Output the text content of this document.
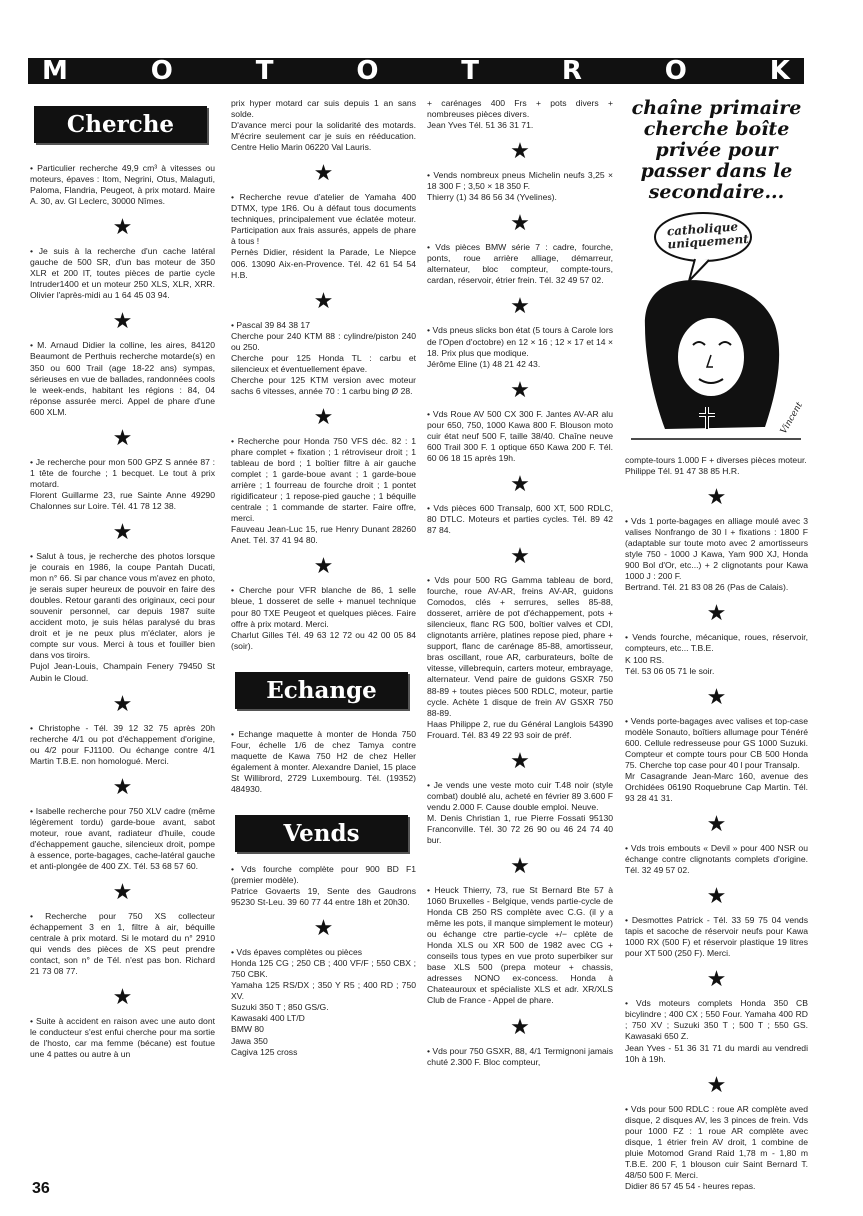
M	O	T	O	T	R	O	K
Cherche

• Particulier recherche 49,9 cm³ à vitesses ou moteurs, épaves : Itom, Negrini, Otus, Malaguti, Paloma, Flandria, Peugeot, à prix motard. Maire A. 30, av. Gl Leclerc, 30000 Nîmes.

★

• Je suis à la recherche d'un cache latéral gauche de 500 SR, d'un bas moteur de 350 XLR et 200 IT, toutes pièces de partie cycle Intruder1400 et un moteur 250 XLS, XLR, XRR. Olivier l'après-midi au 1 64 45 03 94.

★

• M. Arnaud Didier la colline, les aires, 84120 Beaumont de Perthuis recherche motarde(s) en 350 ou 600 Trail (age 18-22 ans) sympas, sérieuses en vue de ballades, randonnées cools le week-ends, habitant les régions : 84, 04 réponse assurée merci. Appel de phare d'une 600 XLM.

★

• Je recherche pour mon 500 GPZ S année 87 : 1 tête de fourche ; 1 becquet. Le tout à prix motard.
Florent Guillarme 23, rue Sainte Anne 49290 Chalonnes sur Loire. Tél. 41 78 12 38.

★

• Salut à tous, je recherche des photos lorsque je courais en 1986, la coupe Pantah Ducati, mon n° 66. Si par chance vous m'avez en photo, je serais super heureux de pouvoir en faire des doubles. Retour garanti des originaux, ceci pour souvenir personnel, car depuis 1987 suite accident moto, je suis hélas paralysé du bras droit et je ne peux plus m'éclater, alors je compte sur vous. Merci à tous et fouiller bien dans vos tiroirs.
Pujol Jean-Louis, Champain Fenery 79450 St Aubin le Cloud.

★

• Christophe - Tél. 39 12 32 75 après 20h recherche 4/1 ou pot d'échappement d'origine, ou 4/2 pour FJ1100. Ou échange contre 4/1 Martin T.B.E. non homologué. Merci.

★

• Isabelle recherche pour 750 XLV cadre (même légèrement tordu) garde-boue avant, sabot moteur, roue avant, radiateur d'huile, coude d'échappement gauche, silencieux droit, pompe à essence, porte-bagages, cache-latéral gauche et anti-plongée de 400 ZX. Tél. 53 68 57 60.

★

• Recherche pour 750 XS collecteur échappement 3 en 1, filtre à air, béquille centrale à prix motard. Si le motard du n° 2910 qui vends des pièces de XS peut prendre contact, son n° de Tél. n'est pas bon. Richard 21 73 08 77.

★

• Suite à accident en raison avec une auto dont le conducteur s'est enfui cherche pour ma sortie de l'hosto, car ma femme (bécane) est foutue une 4 pattes ou autre à un

prix hyper motard car suis depuis 1 an sans solde.
D'avance merci pour la solidarité des motards. M'écrire seulement car je suis en rééducation. Centre Helio Marin 06220 Val Lauris.

★

• Recherche revue d'atelier de Yamaha 400 DTMX, type 1R6. Ou à défaut tous documents techniques, principalement vue éclatée moteur. Participation aux frais assurés, appels de phare à tous !
Pernès Didier, résident la Parade, Le Niepce 006. 13090 Aix-en-Provence. Tél. 42 61 54 54 H.B.

★

• Pascal 39 84 38 17
Cherche pour 240 KTM 88 : cylindre/piston 240 ou 250.
Cherche pour 125 Honda TL : carbu et silencieux et éventuellement épave.
Cherche pour 125 KTM version avec moteur sachs 6 vitesses, année 70 : 1 carbu bing Ø 28.

★

• Recherche pour Honda 750 VFS déc. 82 : 1 phare complet + fixation ; 1 rétroviseur droit ; 1 tableau de bord ; 1 boîtier filtre à air gauche complet ; 1 garde-boue avant ; 1 garde-boue arrière ; 1 fourreau de fourche droit ; 1 pontet rigidificateur ; 1 repose-pied gauche ; 1 béquille centrale ; 1 commande de starter. Faire offre, merci.
Fauveau Jean-Luc 15, rue Henry Dunant 28260 Anet. Tél. 37 41 94 80.

★

• Cherche pour VFR blanche de 86, 1 selle bleue, 1 dosseret de selle + manuel technique pour 80 TXE Peugeot et quelques pièces. Faire offre à prix motard. Merci.
Charlut Gilles Tél. 49 63 12 72 ou 42 00 05 84 (soir).

Echange

• Echange maquette à monter de Honda 750 Four, échelle 1/6 de chez Tamya contre maquette de Kawa 750 H2 de chez Heller également à monter. Alexandre Daniel, 15 place St Willibrord, 2729 Luxembourg. Tél. (19352) 484930.

Vends

• Vds fourche complète pour 900 BD F1 (premier modèle).
Patrice Govaerts 19, Sente des Gaudrons 95230 St-Leu. 39 60 77 44 entre 18h et 20h30.

★

• Vds épaves complètes ou pièces
Honda 125 CG ; 250 CB ; 400 VF/F ; 550 CBX ; 750 CBK.
Yamaha 125 RS/DX ; 350 Y R5 ; 400 RD ; 750 XV.
Suzuki 350 T ; 850 GS/G.
Kawasaki 400 LT/D
BMW 80
Jawa 350
Cagiva 125 cross

+ carénages 400 Frs + pots divers + nombreuses pièces divers.
Jean Yves Tél. 51 36 31 71.

★

• Vends nombreux pneus Michelin neufs 3,25 × 18 300 F ; 3,50 × 18 350 F.
Thierry (1) 34 86 56 34 (Yvelines).

★

• Vds pièces BMW série 7 : cadre, fourche, ponts, roue arrière alliage, démarreur, alternateur, bloc compteur, compte-tours, cardan, réservoir, étrier frein. Tél. 32 49 57 02.

★

• Vds pneus slicks bon état (5 tours à Carole lors de l'Open d'octobre) en 12 × 16 ; 12 × 17 et 14 × 18. Prix plus que modique.
Jérôme Eline (1) 48 21 42 43.

★

• Vds Roue AV 500 CX 300 F. Jantes AV-AR alu pour 650, 750, 1000 Kawa 800 F. Blouson moto cuir état neuf 500 F, taille 38/40. Chaîne neuve 600 Trail 300 F. 1 optique 650 Kawa 200 F. Tél. 60 06 18 15 après 19h.

★

• Vds pièces 600 Transalp, 600 XT, 500 RDLC, 80 DTLC. Moteurs et parties cycles. Tél. 89 42 87 84.

★

• Vds pour 500 RG Gamma tableau de bord, fourche, roue AV-AR, freins AV-AR, guidons Comodos, clés + serrures, selles 85-88, dosseret, arrière de pot d'échappement, pots + silencieux, flanc RG 500, boîtier valves et CDI, clignotants arrière, platines repose pied, phare + support, flanc de carénage 85-88, amortisseur, bras oscillant, roue AR, carburateurs, boîte de vitesse, villebrequin, carters moteur, embrayage, alternateur. Vend paire de guidons GSXR 750 88-89 + toutes pièces 500 RDLC, moteur, partie cycle. Achète 1 disque de frein AV GSXR 750 88-89.
Haas Philippe 2, rue du Général Langlois 54390 Frouard. Tél. 83 49 22 93 soir de préf.

★

• Je vends une veste moto cuir T.48 noir (style combat) doublé alu, acheté en février 89 3.600 F vendu 2.000 F. Cause double emploi. Neuve.
M. Denis Christian 1, rue Pierre Fossati 95130 Franconville. Tél. 30 72 26 90 ou 46 24 74 40 bur.

★

• Heuck Thierry, 73, rue St Bernard Bte 57 à 1060 Bruxelles - Belgique, vends partie-cycle de Honda CB 250 RS complète avec C.G. (il y a même les pots, il manque simplement le moteur) ou échange ctre partie-cycle +/− cplète de Honda XLS ou XR 500 de 1982 avec CG + conseils tous types en vue proto superbiker sur base XLS 500 (prepa moteur + chassis, adresses NONO ex-concess. Honda à Chateauroux et spécialiste XLS et adr. XR/XLS Club de France - Appel de phare.

★

• Vds pour 750 GSXR, 88, 4/1 Termignoni jamais chuté 2.300 F. Bloc compteur,

chaîne primaire cherche boîte privée pour passer dans le secondaire...
catholique uniquement
Vincent

compte-tours 1.000 F + diverses pièces moteur.
Philippe Tél. 91 47 38 85 H.R.

★

• Vds 1 porte-bagages en alliage moulé avec 3 valises Nonfrango de 30 l + fixations : 1800 F (adaptable sur toute moto avec 2 amortisseurs style 750 - 1000 J Kawa, Yam 900 XJ, Honda 900 Bol d'Or, etc...) + 2 clignotants pour Kawa 1000 J : 200 F.
Bertrand. Tél. 21 83 08 26 (Pas de Calais).

★

• Vends fourche, mécanique, roues, réservoir, compteurs, etc... T.B.E.
K 100 RS.
Tél. 53 06 05 71 le soir.

★

• Vends porte-bagages avec valises et top-case modèle Sonauto, boîtiers allumage pour Ténéré 600. Cellule redresseuse pour GS 1000 Suzuki. Compteur et compte tours pour CB 500 Honda 75. Cherche top case pour 40 l pour Transalp.
Mr Casagrande Jean-Marc 160, avenue des Orchidées 06190 Roquebrune Cap Martin. Tél. 93 28 41 31.

★

• Vds trois embouts « Devil » pour 400 NSR ou échange contre clignotants complets d'origine. Tél. 32 49 57 02.

★

• Desmottes Patrick - Tél. 33 59 75 04 vends tapis et sacoche de réservoir neufs pour Kawa 1000 RX (500 F) et réservoir plastique 19 litres pour XT 500 (250 F). Merci.

★

• Vds moteurs complets Honda 350 CB bicylindre ; 400 CX ; 550 Four. Yamaha 400 RD ; 750 XV ; Suzuki 350 T ; 500 T ; 550 GS. Kawasaki 650 Z.
Jean Yves - 51 36 31 71 du mardi au vendredi 10h à 19h.

★

• Vds pour 500 RDLC : roue AR complète aved disque, 2 disques AV, les 3 pinces de frein. Vds pour 1000 FZ : 1 roue AR complète avec disque, 1 étrier frein AV droit, 1 combine de pluie Motomod Grand Raid 1,78 m - 1,80 m T.B.E. 200 F, 1 blouson cuir Saint Bernard T. 48/50 500 F. Merci.
Didier 86 57 45 54 - heures repas.

36
